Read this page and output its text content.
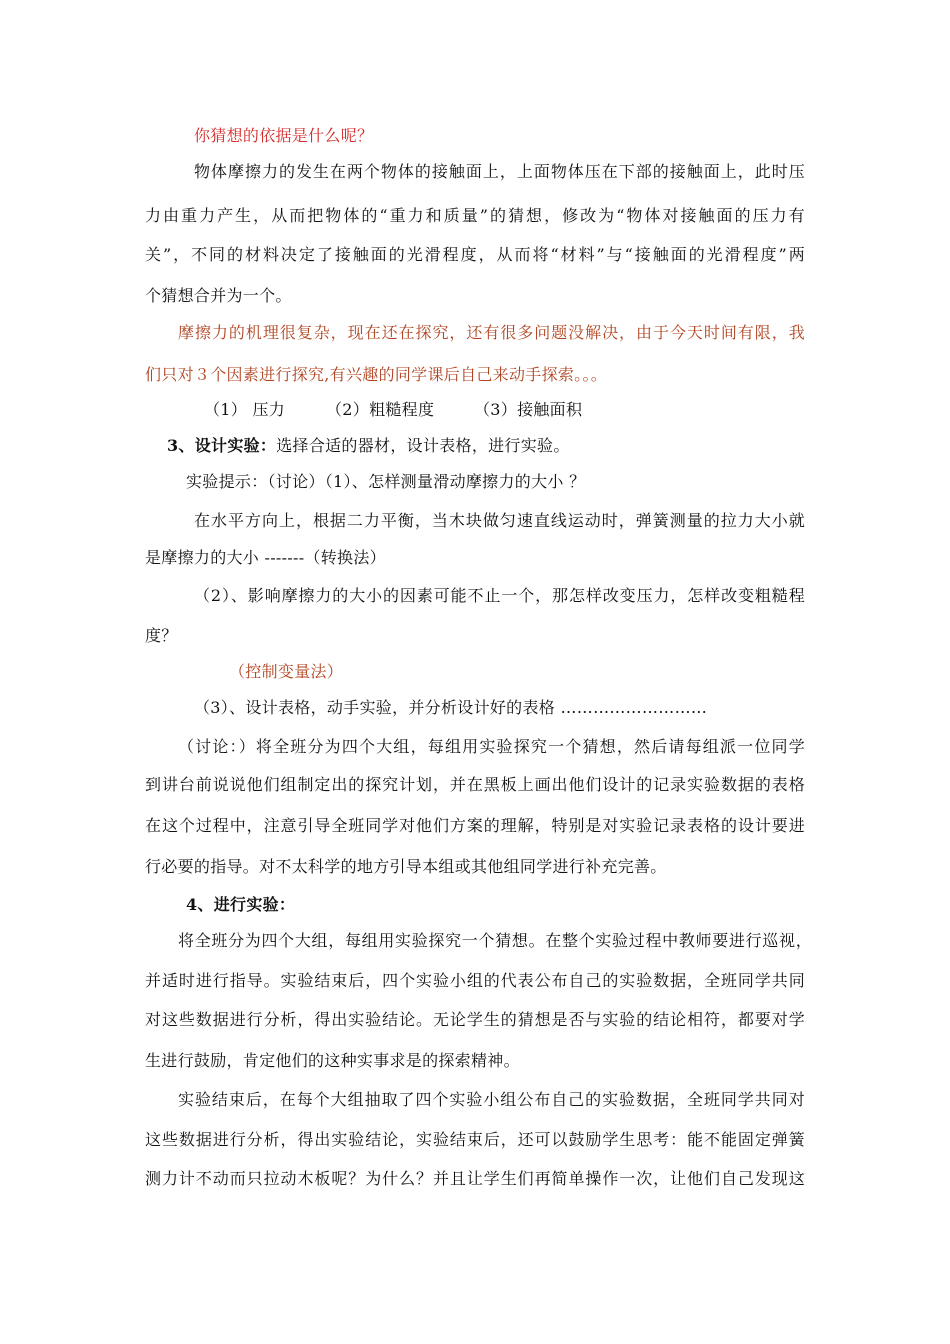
你猜想的依据是什么呢？
物体摩擦力的发生在两个物体的接触面上，上面物体压在下部的接触面上，此时压
力由重力产生，从而把物体的“重力和质量”的猜想，修改为“物体对接触面的压力有
关”，不同的材料决定了接触面的光滑程度，从而将“材料”与“接触面的光滑程度”两
个猜想合并为一个。
摩擦力的机理很复杂，现在还在探究，还有很多问题没解决，由于今天时间有限，我
们只对３个因素进行探究,有兴趣的同学课后自己来动手探索。。。
（1） 压力	（2）粗糙程度 （3）接触面积
3、设计实验：选择合适的器材，设计表格，进行实验。
实验提示：（讨论）（1）、怎样测量滑动摩擦力的大小 ？
在水平方向上，根据二力平衡，当木块做匀速直线运动时，弹簧测量的拉力大小就
是摩擦力的大小 -------（转换法）
（2）、影响摩擦力的大小的因素可能不止一个，那怎样改变压力，怎样改变粗糙程
度？
（控制变量法）
（3）、设计表格，动手实验，并分析设计好的表格 ………………………
（讨论：）将全班分为四个大组，每组用实验探究一个猜想，然后请每组派一位同学
到讲台前说说他们组制定出的探究计划，并在黑板上画出他们设计的记录实验数据的表格
在这个过程中，注意引导全班同学对他们方案的理解，特别是对实验记录表格的设计要进
行必要的指导。对不太科学的地方引导本组或其他组同学进行补充完善。
4、进行实验：
将全班分为四个大组，每组用实验探究一个猜想。在整个实验过程中教师要进行巡视，
并适时进行指导。实验结束后，四个实验小组的代表公布自己的实验数据，全班同学共同
对这些数据进行分析，得出实验结论。无论学生的猜想是否与实验的结论相符，都要对学
生进行鼓励，肯定他们的这种实事求是的探索精神。
实验结束后，在每个大组抽取了四个实验小组公布自己的实验数据，全班同学共同对
这些数据进行分析，得出实验结论，实验结束后，还可以鼓励学生思考：能不能固定弹簧
测力计不动而只拉动木板呢？为什么？并且让学生们再简单操作一次，让他们自己发现这
